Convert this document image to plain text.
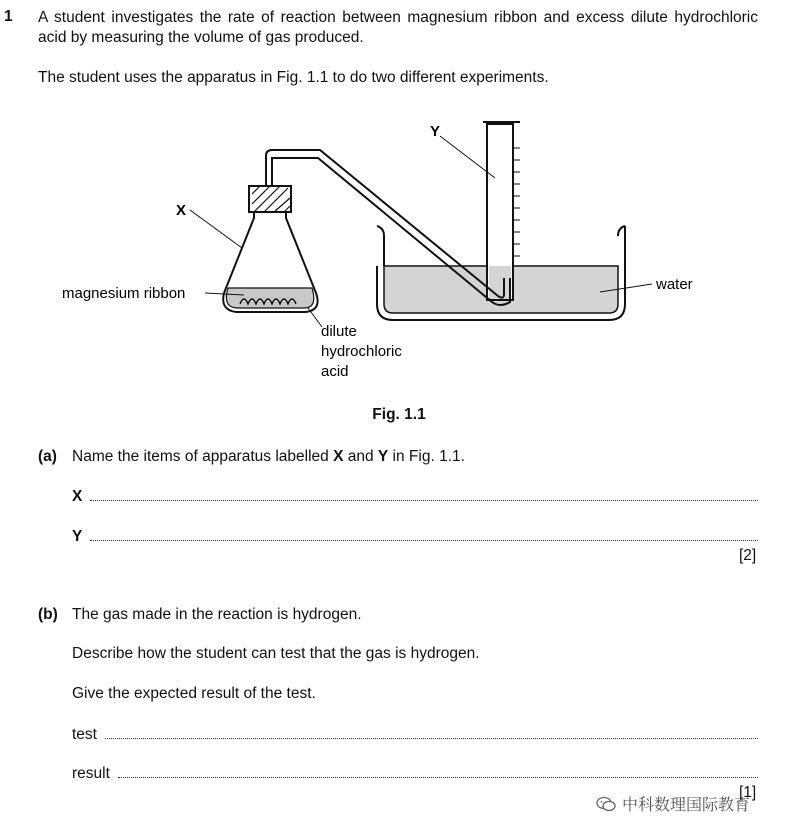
1 A student investigates the rate of reaction between magnesium ribbon and excess dilute hydrochloric acid by measuring the volume of gas produced.
The student uses the apparatus in Fig. 1.1 to do two different experiments.
X
Y
magnesium ribbon
water
dilute
hydrochloric
acid
Fig. 1.1
(a) Name the items of apparatus labelled X and Y in Fig. 1.1.
X
Y
[2]
(b) The gas made in the reaction is hydrogen.
Describe how the student can test that the gas is hydrogen.
Give the expected result of the test.
test
result
[1]
中科数理国际教育
